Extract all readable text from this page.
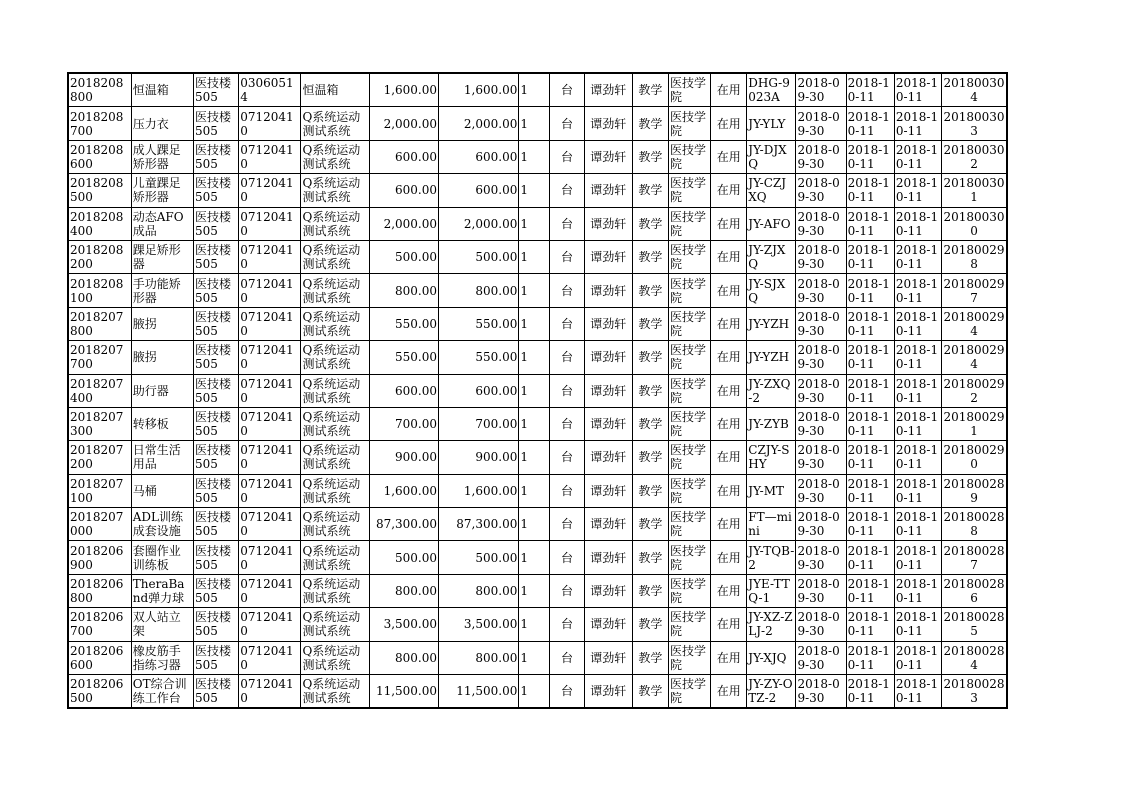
2018208800	恒温箱	医技楼505	03060514	恒温箱	1,600.00	1,600.00	1	台	谭劲轩	教学	医技学院	在用	DHG-9023A	2018-09-30	2018-10-11	2018-10-11	201800304
2018208700	压力衣	医技楼505	07120410	Q系统运动测试系统	2,000.00	2,000.00	1	台	谭劲轩	教学	医技学院	在用	JY-YLY	2018-09-30	2018-10-11	2018-10-11	201800303
2018208600	成人踝足矫形器	医技楼505	07120410	Q系统运动测试系统	600.00	600.00	1	台	谭劲轩	教学	医技学院	在用	JY-DJXQ	2018-09-30	2018-10-11	2018-10-11	201800302
2018208500	儿童踝足矫形器	医技楼505	07120410	Q系统运动测试系统	600.00	600.00	1	台	谭劲轩	教学	医技学院	在用	JY-CZJXQ	2018-09-30	2018-10-11	2018-10-11	201800301
2018208400	动态AFO成品	医技楼505	07120410	Q系统运动测试系统	2,000.00	2,000.00	1	台	谭劲轩	教学	医技学院	在用	JY-AFO	2018-09-30	2018-10-11	2018-10-11	201800300
2018208200	踝足矫形器	医技楼505	07120410	Q系统运动测试系统	500.00	500.00	1	台	谭劲轩	教学	医技学院	在用	JY-ZJXQ	2018-09-30	2018-10-11	2018-10-11	201800298
2018208100	手功能矫形器	医技楼505	07120410	Q系统运动测试系统	800.00	800.00	1	台	谭劲轩	教学	医技学院	在用	JY-SJXQ	2018-09-30	2018-10-11	2018-10-11	201800297
2018207800	腋拐	医技楼505	07120410	Q系统运动测试系统	550.00	550.00	1	台	谭劲轩	教学	医技学院	在用	JY-YZH	2018-09-30	2018-10-11	2018-10-11	201800294
2018207700	腋拐	医技楼505	07120410	Q系统运动测试系统	550.00	550.00	1	台	谭劲轩	教学	医技学院	在用	JY-YZH	2018-09-30	2018-10-11	2018-10-11	201800294
2018207400	助行器	医技楼505	07120410	Q系统运动测试系统	600.00	600.00	1	台	谭劲轩	教学	医技学院	在用	JY-ZXQ-2	2018-09-30	2018-10-11	2018-10-11	201800292
2018207300	转移板	医技楼505	07120410	Q系统运动测试系统	700.00	700.00	1	台	谭劲轩	教学	医技学院	在用	JY-ZYB	2018-09-30	2018-10-11	2018-10-11	201800291
2018207200	日常生活用品	医技楼505	07120410	Q系统运动测试系统	900.00	900.00	1	台	谭劲轩	教学	医技学院	在用	CZJY-SHY	2018-09-30	2018-10-11	2018-10-11	201800290
2018207100	马桶	医技楼505	07120410	Q系统运动测试系统	1,600.00	1,600.00	1	台	谭劲轩	教学	医技学院	在用	JY-MT	2018-09-30	2018-10-11	2018-10-11	201800289
2018207000	ADL训练成套设施	医技楼505	07120410	Q系统运动测试系统	87,300.00	87,300.00	1	台	谭劲轩	教学	医技学院	在用	FT—mini	2018-09-30	2018-10-11	2018-10-11	201800288
2018206900	套圈作业训练板	医技楼505	07120410	Q系统运动测试系统	500.00	500.00	1	台	谭劲轩	教学	医技学院	在用	JY-TQB-2	2018-09-30	2018-10-11	2018-10-11	201800287
2018206800	TheraBand弹力球	医技楼505	07120410	Q系统运动测试系统	800.00	800.00	1	台	谭劲轩	教学	医技学院	在用	JYE-TTQ-1	2018-09-30	2018-10-11	2018-10-11	201800286
2018206700	双人站立架	医技楼505	07120410	Q系统运动测试系统	3,500.00	3,500.00	1	台	谭劲轩	教学	医技学院	在用	JY-XZ-ZLJ-2	2018-09-30	2018-10-11	2018-10-11	201800285
2018206600	橡皮筋手指练习器	医技楼505	07120410	Q系统运动测试系统	800.00	800.00	1	台	谭劲轩	教学	医技学院	在用	JY-XJQ	2018-09-30	2018-10-11	2018-10-11	201800284
2018206500	OT综合训练工作台	医技楼505	07120410	Q系统运动测试系统	11,500.00	11,500.00	1	台	谭劲轩	教学	医技学院	在用	JY-ZY-OTZ-2	2018-09-30	2018-10-11	2018-10-11	201800283
